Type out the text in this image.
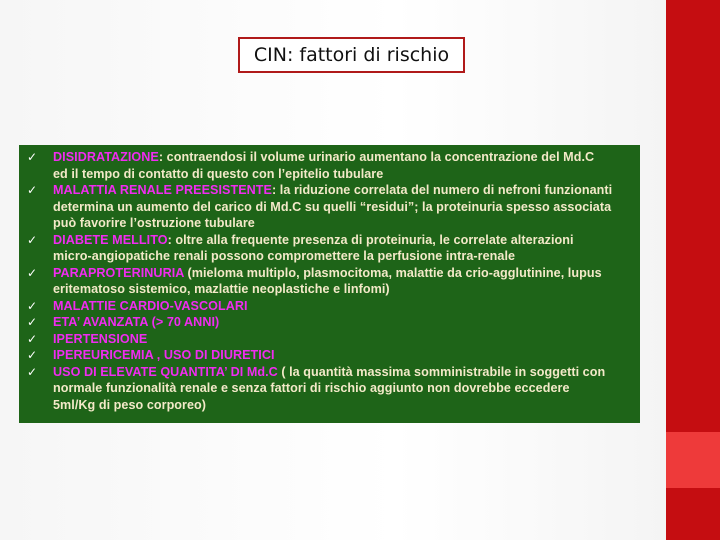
CIN: fattori di rischio
✓	DISIDRATAZIONE: contraendosi il volume urinario aumentano la concentrazione del Md.C
ed il tempo di contatto di questo con l’epitelio tubulare
✓	MALATTIA RENALE PREESISTENTE: la riduzione correlata del numero di nefroni funzionanti
determina un aumento del carico di Md.C su quelli “residui”; la proteinuria spesso associata
può favorire l’ostruzione tubulare
✓	DIABETE MELLITO: oltre alla frequente presenza di proteinuria, le correlate alterazioni
micro-angiopatiche renali possono compromettere la perfusione intra-renale
✓	PARAPROTERINURIA (mieloma multiplo, plasmocitoma, malattie da crio-agglutinine, lupus
eritematoso sistemico, mazlattie neoplastiche e linfomi)
✓	MALATTIE CARDIO-VASCOLARI
✓	ETA’ AVANZATA (> 70 ANNI)
✓	IPERTENSIONE
✓	IPEREURICEMIA , USO DI DIURETICI
✓	USO DI ELEVATE QUANTITA’ DI Md.C ( la quantità massima somministrabile in soggetti con
normale funzionalità renale e senza fattori di rischio aggiunto non dovrebbe eccedere
5ml/Kg di peso corporeo)
